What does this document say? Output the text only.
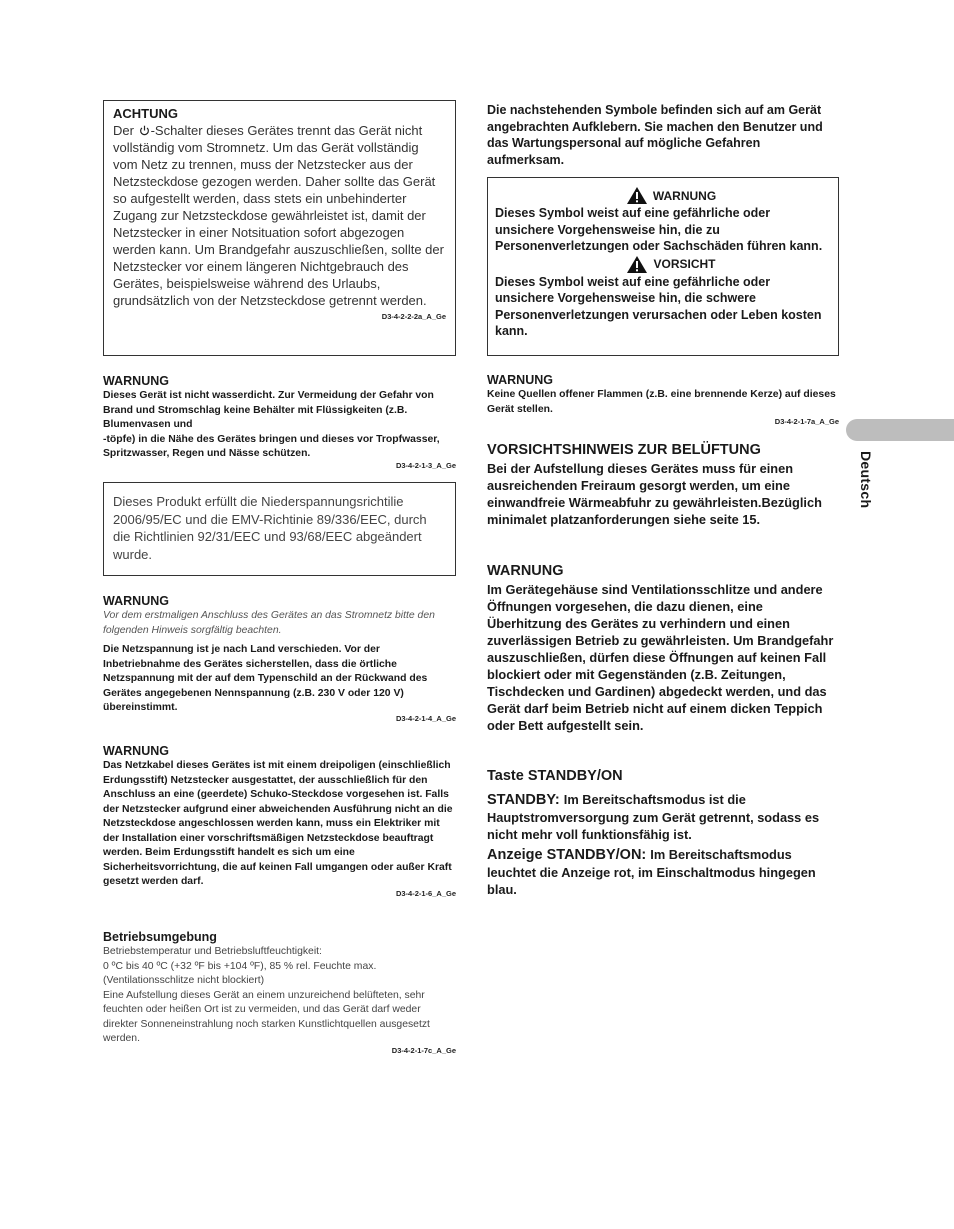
ACHTUNG
Der -Schalter dieses Gerätes trennt das Gerät nicht vollständig vom Stromnetz. Um das Gerät vollständig vom Netz zu trennen, muss der Netzstecker aus der Netzsteckdose gezogen werden. Daher sollte das Gerät so aufgestellt werden, dass stets ein unbehinderter Zugang zur Netzsteckdose gewährleistet ist, damit der Netzstecker in einer Notsituation sofort abgezogen werden kann. Um Brandgefahr auszuschließen, sollte der Netzstecker vor einem längeren Nichtgebrauch des Gerätes, beispielsweise während des Urlaubs, grundsätzlich von der Netzsteckdose getrennt werden.
D3-4-2-2-2a_A_Ge
WARNUNG
Dieses Gerät ist nicht wasserdicht. Zur Vermeidung der Gefahr von Brand und Stromschlag keine Behälter mit Flüssigkeiten (z.B. Blumenvasen und
-töpfe) in die Nähe des Gerätes bringen und dieses vor Tropfwasser, Spritzwasser, Regen und Nässe schützen.
D3-4-2-1-3_A_Ge
Dieses Produkt erfüllt die Niederspannungsrichtilie 2006/95/EC und die EMV-Richtinie 89/336/EEC, durch die Richtlinien 92/31/EEC und 93/68/EEC abgeändert wurde.
WARNUNG
Vor dem erstmaligen Anschluss des Gerätes an das Stromnetz bitte den folgenden Hinweis sorgfältig beachten.
Die Netzspannung ist je nach Land verschieden. Vor der Inbetriebnahme des Gerätes sicherstellen, dass die örtliche Netzspannung mit der auf dem Typenschild an der Rückwand des Gerätes angegebenen Nennspannung (z.B. 230 V oder 120 V) übereinstimmt.
D3-4-2-1-4_A_Ge
WARNUNG
Das Netzkabel dieses Gerätes ist mit einem dreipoligen (einschließlich Erdungsstift) Netzstecker ausgestattet, der ausschließlich für den Anschluss an eine (geerdete) Schuko-Steckdose vorgesehen ist. Falls der Netzstecker aufgrund einer abweichenden Ausführung nicht an die Netzsteckdose angeschlossen werden kann, muss ein Elektriker mit der Installation einer vorschriftsmäßigen Netzsteckdose beauftragt werden. Beim Erdungsstift handelt es sich um eine Sicherheitsvorrichtung, die auf keinen Fall umgangen oder außer Kraft gesetzt werden darf.
D3-4-2-1-6_A_Ge
Betriebsumgebung
Betriebstemperatur und Betriebsluftfeuchtigkeit:
0 ºC bis 40 ºC (+32 ºF bis +104 ºF), 85 % rel. Feuchte max.
(Ventilationsschlitze nicht blockiert)
Eine Aufstellung dieses Gerät an einem unzureichend belüfteten, sehr feuchten oder heißen Ort ist zu vermeiden, und das Gerät darf weder direkter Sonneneinstrahlung noch starken Kunstlichtquellen ausgesetzt werden.
D3-4-2-1-7c_A_Ge
Die nachstehenden Symbole befinden sich auf am Gerät angebrachten Aufklebern. Sie machen den Benutzer und das Wartungspersonal auf mögliche Gefahren aufmerksam.
WARNUNG
Dieses Symbol weist auf eine gefährliche oder unsichere Vorgehensweise hin, die zu Personenverletzungen oder Sachschäden führen kann.
VORSICHT
Dieses Symbol weist auf eine gefährliche oder unsichere Vorgehensweise hin, die schwere Personenverletzungen verursachen oder Leben kosten kann.
WARNUNG
Keine Quellen offener Flammen (z.B. eine brennende Kerze) auf dieses Gerät stellen.
D3-4-2-1-7a_A_Ge
VORSICHTSHINWEIS ZUR BELÜFTUNG
Bei der Aufstellung dieses Gerätes muss für einen ausreichenden Freiraum gesorgt werden, um eine einwandfreie Wärmeabfuhr zu gewährleisten.Bezüglich minimalet platzanforderungen siehe seite 15.
WARNUNG
Im Gerätegehäuse sind Ventilationsschlitze und andere Öffnungen vorgesehen, die dazu dienen, eine Überhitzung des Gerätes zu verhindern und einen zuverlässigen Betrieb zu gewährleisten. Um Brandgefahr auszuschließen, dürfen diese Öffnungen auf keinen Fall blockiert oder mit Gegenständen (z.B. Zeitungen, Tischdecken und Gardinen) abgedeckt werden, und das Gerät darf beim Betrieb nicht auf einem dicken Teppich oder Bett aufgestellt sein.
Taste STANDBY/ON
STANDBY: Im Bereitschaftsmodus ist die Hauptstromversorgung zum Gerät getrennt, sodass es nicht mehr voll funktionsfähig ist.
Anzeige STANDBY/ON: Im Bereitschaftsmodus leuchtet die Anzeige rot, im Einschaltmodus hingegen blau.
Deutsch
